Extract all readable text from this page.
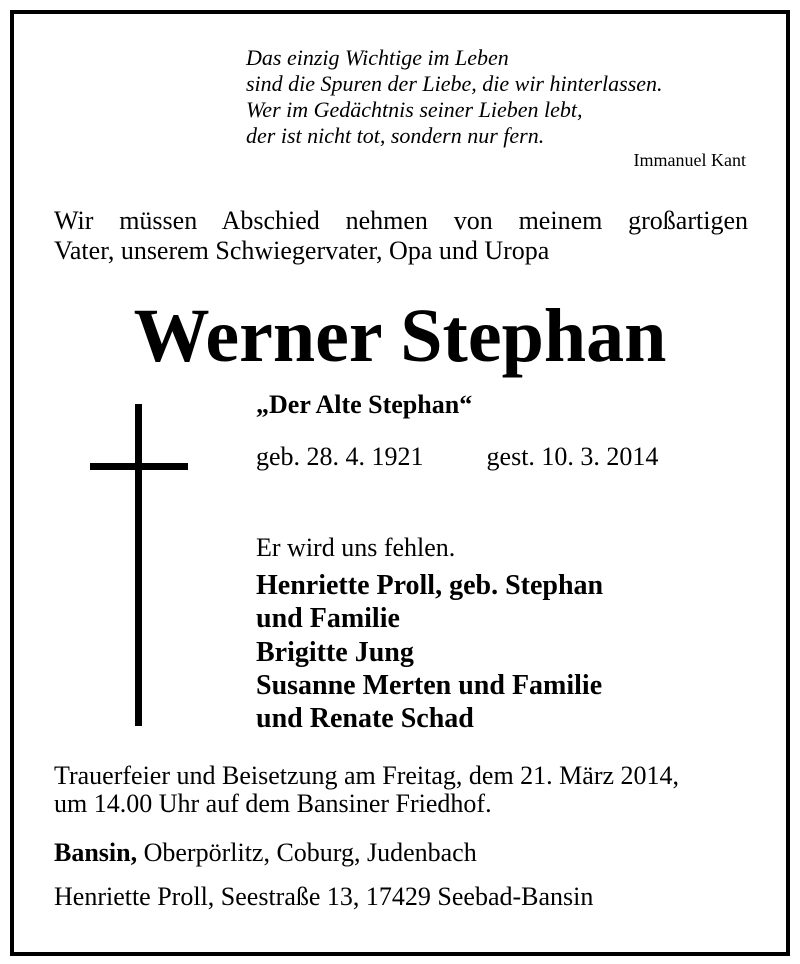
Das einzig Wichtige im Leben

sind die Spuren der Liebe, die wir hinterlassen.

Wer im Gedächtnis seiner Lieben lebt,

der ist nicht tot, sondern nur fern.

Immanuel Kant

Wir müssen Abschied nehmen von meinem großartigen
Vater, unserem Schwiegervater, Opa und Uropa
Werner Stephan

„Der Alte Stephan“

geb. 28. 4. 1921 gest. 10. 3. 2014

Er wird uns fehlen.

Henriette Proll, geb. Stephan

und Familie

Brigitte Jung

Susanne Merten und Familie

und Renate Schad

Trauerfeier und Beisetzung am Freitag, dem 21. März 2014,
um 14.00 Uhr auf dem Bansiner Friedhof.

Bansin, Oberpörlitz, Coburg, Judenbach

Henriette Proll, Seestraße 13, 17429 Seebad-Bansin
